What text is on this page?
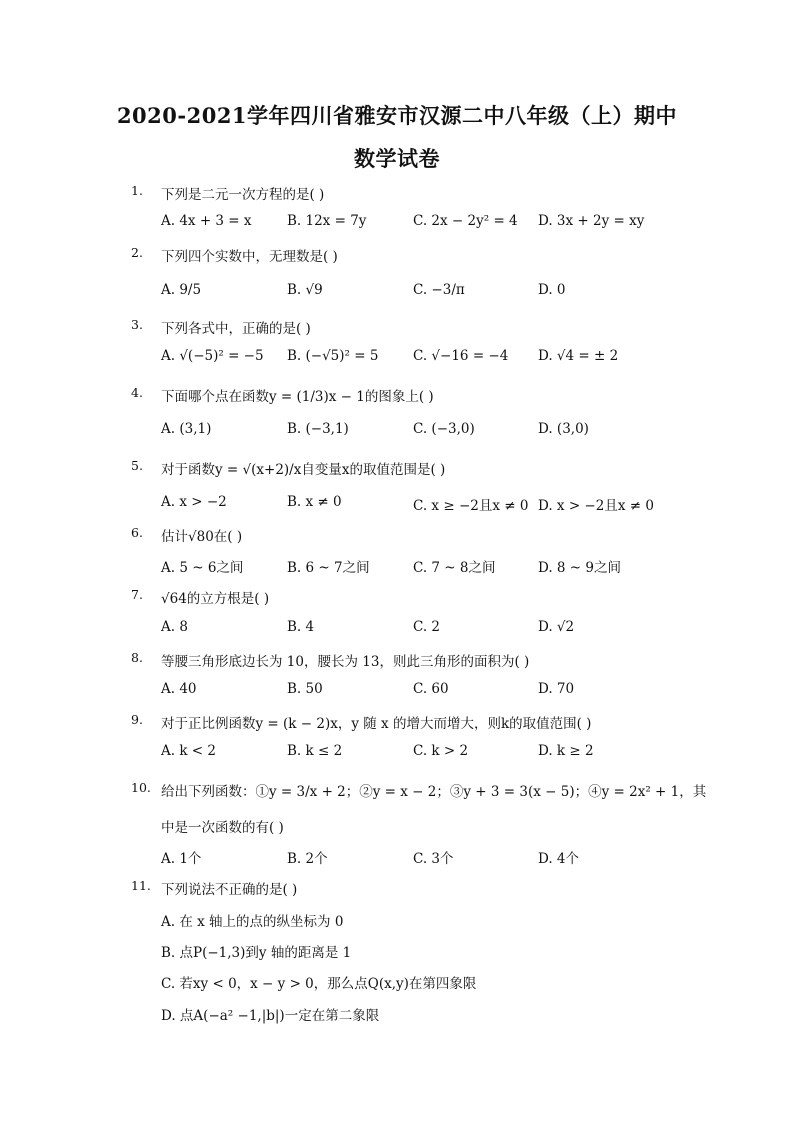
2020-2021学年四川省雅安市汉源二中八年级（上）期中
数学试卷
1.	下列是二元一次方程的是( )
A. 4x + 3 = x	B. 12x = 7y	C. 2x − 2y² = 4 D. 3x + 2y = xy
2.	下列四个实数中，无理数是( )
A. 9/5	B. √9	C. −3/π	D. 0
3.	下列各式中，正确的是( )
A. √(−5)² = −5 B. (−√5)² = 5	C. √−16 = −4 D. √4 = ± 2
4.	下面哪个点在函数y = (1/3)x − 1的图象上( )
A. (3,1)	B. (−3,1)	C. (−3,0)	D. (3,0)
5.	对于函数y = √(x+2)/x自变量x的取值范围是( )
A. x > −2	B. x ≠ 0	C. x ≥ −2且x ≠ 0 D. x > −2且x ≠ 0
6.	估计√80在( )
A. 5 ~ 6之间	B. 6 ~ 7之间	C. 7 ~ 8之间	D. 8 ~ 9之间
7.	√64的立方根是( )
A. 8	B. 4	C. 2	D. √2
8.	等腰三角形底边长为 10，腰长为 13，则此三角形的面积为( )
A. 40	B. 50	C. 60	D. 70
9.	对于正比例函数y = (k − 2)x，y 随 x 的增大而增大，则k的取值范围( )
A. k < 2	B. k ≤ 2	C. k > 2	D. k ≥ 2
10. 给出下列函数：①y = 3/x + 2；②y = x − 2；③y + 3 = 3(x − 5)；④y = 2x² + 1，其
中是一次函数的有( )
A. 1个	B. 2个	C. 3个	D. 4个
11. 下列说法不正确的是( )
A. 在 x 轴上的点的纵坐标为 0
B. 点P(−1,3)到y 轴的距离是 1
C. 若xy < 0，x − y > 0，那么点Q(x,y)在第四象限
D. 点A(−a² −1,|b|)一定在第二象限
